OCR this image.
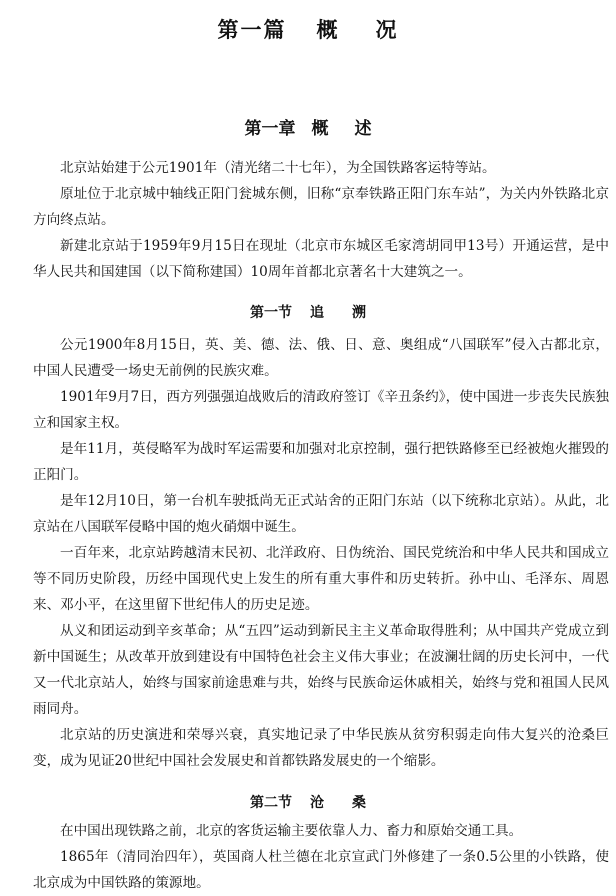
第一篇 概 况
第一章 概 述

北京站始建于公元1901年（清光绪二十七年），为全国铁路客运特等站。

原址位于北京城中轴线正阳门瓮城东侧，旧称“京奉铁路正阳门东车站”，为关内外铁路北京方向终点站。

新建北京站于1959年9月15日在现址（北京市东城区毛家湾胡同甲13号）开通运营，是中华人民共和国建国（以下简称建国）10周年首都北京著名十大建筑之一。

第一节 追 溯

公元1900年8月15日，英、美、德、法、俄、日、意、奥组成“八国联军”侵入古都北京，中国人民遭受一场史无前例的民族灾难。

1901年9月7日，西方列强强迫战败后的清政府签订《辛丑条约》，使中国进一步丧失民族独立和国家主权。

是年11月，英侵略军为战时军运需要和加强对北京控制，强行把铁路修至已经被炮火摧毁的正阳门。

是年12月10日，第一台机车驶抵尚无正式站舍的正阳门东站（以下统称北京站）。从此，北京站在八国联军侵略中国的炮火硝烟中诞生。

一百年来，北京站跨越清末民初、北洋政府、日伪统治、国民党统治和中华人民共和国成立等不同历史阶段，历经中国现代史上发生的所有重大事件和历史转折。孙中山、毛泽东、周恩来、邓小平，在这里留下世纪伟人的历史足迹。

从义和团运动到辛亥革命；从“五四”运动到新民主主义革命取得胜利；从中国共产党成立到新中国诞生；从改革开放到建设有中国特色社会主义伟大事业；在波澜壮阔的历史长河中，一代又一代北京站人，始终与国家前途患难与共，始终与民族命运休戚相关，始终与党和祖国人民风雨同舟。

北京站的历史演进和荣辱兴衰，真实地记录了中华民族从贫穷积弱走向伟大复兴的沧桑巨变，成为见证20世纪中国社会发展史和首都铁路发展史的一个缩影。

第二节 沧 桑

在中国出现铁路之前，北京的客货运输主要依靠人力、畜力和原始交通工具。

1865年（清同治四年），英国商人杜兰德在北京宣武门外修建了一条0.5公里的小铁路，使北京成为中国铁路的策源地。
